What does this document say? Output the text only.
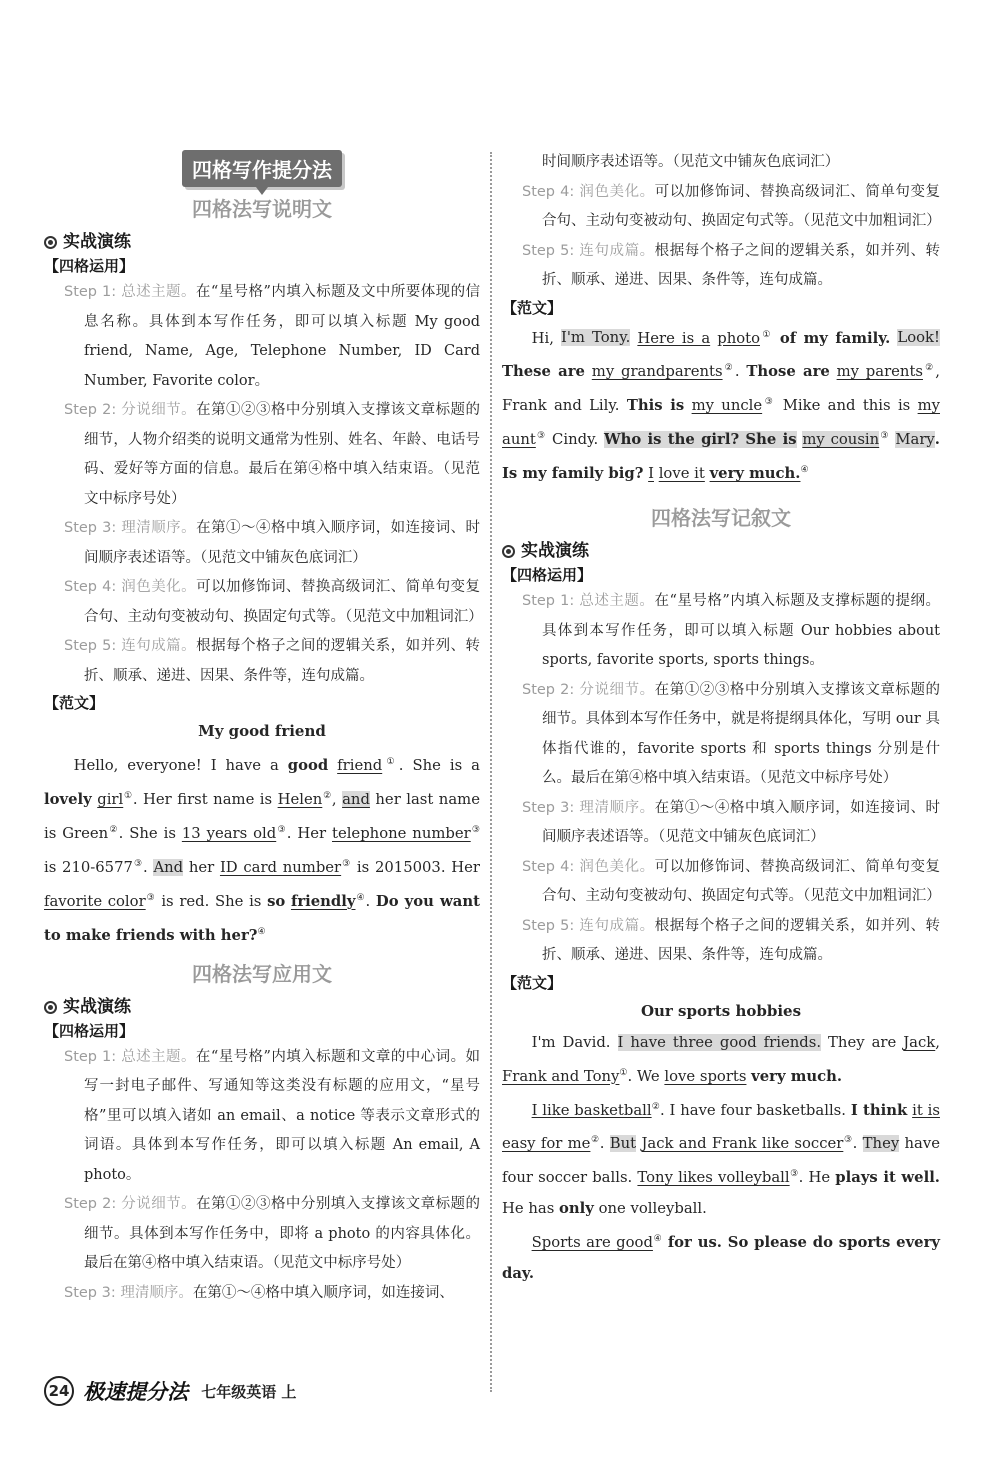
四格写作提分法
四格法写说明文
实战演练
【四格运用】
Step 1: 总述主题。在“星号格”内填入标题及文中所要体现的信息名称。具体到本写作任务，即可以填入标题 My good friend, Name, Age, Telephone Number, ID Card Number, Favorite color。
Step 2: 分说细节。在第①②③格中分别填入支撑该文章标题的细节，人物介绍类的说明文通常为性别、姓名、年龄、电话号码、爱好等方面的信息。最后在第④格中填入结束语。（见范文中标序号处）
Step 3: 理清顺序。在第①～④格中填入顺序词，如连接词、时间顺序表述语等。（见范文中铺灰色底词汇）
Step 4: 润色美化。可以加修饰词、替换高级词汇、简单句变复合句、主动句变被动句、换固定句式等。（见范文中加粗词汇）
Step 5: 连句成篇。根据每个格子之间的逻辑关系，如并列、转折、顺承、递进、因果、条件等，连句成篇。
【范文】
My good friend

Hello, everyone! I have a good friend①. She is a lovely girl①. Her first name is Helen②, and her last name is Green②. She is 13 years old③. Her telephone number③ is 210-6577③. And her ID card number③ is 2015003. Her favorite color③ is red. She is so friendly④. Do you want to make friends with her?④

四格法写应用文
实战演练
【四格运用】
Step 1: 总述主题。在“星号格”内填入标题和文章的中心词。如写一封电子邮件、写通知等这类没有标题的应用文，“星号格”里可以填入诸如 an email、a notice 等表示文章形式的词语。具体到本写作任务，即可以填入标题 An email, A photo。
Step 2: 分说细节。在第①②③格中分别填入支撑该文章标题的细节。具体到本写作任务中，即将 a photo 的内容具体化。最后在第④格中填入结束语。（见范文中标序号处）
Step 3: 理清顺序。在第①～④格中填入顺序词，如连接词、
时间顺序表述语等。（见范文中铺灰色底词汇）
Step 4: 润色美化。可以加修饰词、替换高级词汇、简单句变复合句、主动句变被动句、换固定句式等。（见范文中加粗词汇）
Step 5: 连句成篇。根据每个格子之间的逻辑关系，如并列、转折、顺承、递进、因果、条件等，连句成篇。
【范文】

Hi, I'm Tony. Here is a photo① of my family. Look! These are my grandparents②. Those are my parents②, Frank and Lily. This is my uncle③ Mike and this is my aunt③ Cindy. Who is the girl? She is my cousin③ Mary. Is my family big? I love it very much.④

四格法写记叙文
实战演练
【四格运用】
Step 1: 总述主题。在“星号格”内填入标题及支撑标题的提纲。具体到本写作任务，即可以填入标题 Our hobbies about sports, favorite sports, sports things。
Step 2: 分说细节。在第①②③格中分别填入支撑该文章标题的细节。具体到本写作任务中，就是将提纲具体化，写明 our 具体指代谁的，favorite sports 和 sports things 分别是什么。最后在第④格中填入结束语。（见范文中标序号处）
Step 3: 理清顺序。在第①～④格中填入顺序词，如连接词、时间顺序表述语等。（见范文中铺灰色底词汇）
Step 4: 润色美化。可以加修饰词、替换高级词汇、简单句变复合句、主动句变被动句、换固定句式等。（见范文中加粗词汇）
Step 5: 连句成篇。根据每个格子之间的逻辑关系，如并列、转折、顺承、递进、因果、条件等，连句成篇。
【范文】
Our sports hobbies

I'm David. I have three good friends. They are Jack, Frank and Tony①. We love sports very much.

I like basketball②. I have four basketballs. I think it is easy for me②. But Jack and Frank like soccer③. They have four soccer balls. Tony likes volleyball③. He plays it well. He has only one volleyball.

Sports are good④ for us. So please do sports every day.

24 极速提分法 七年级英语 上
